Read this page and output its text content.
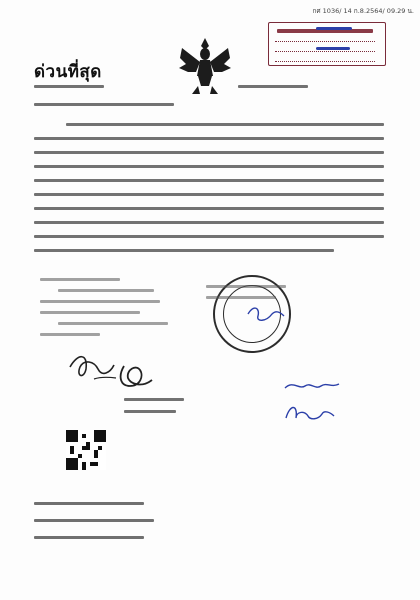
กศ 1036/ 14 ก.8.2564/ 09.29 น.
ด่วนที่สุด
